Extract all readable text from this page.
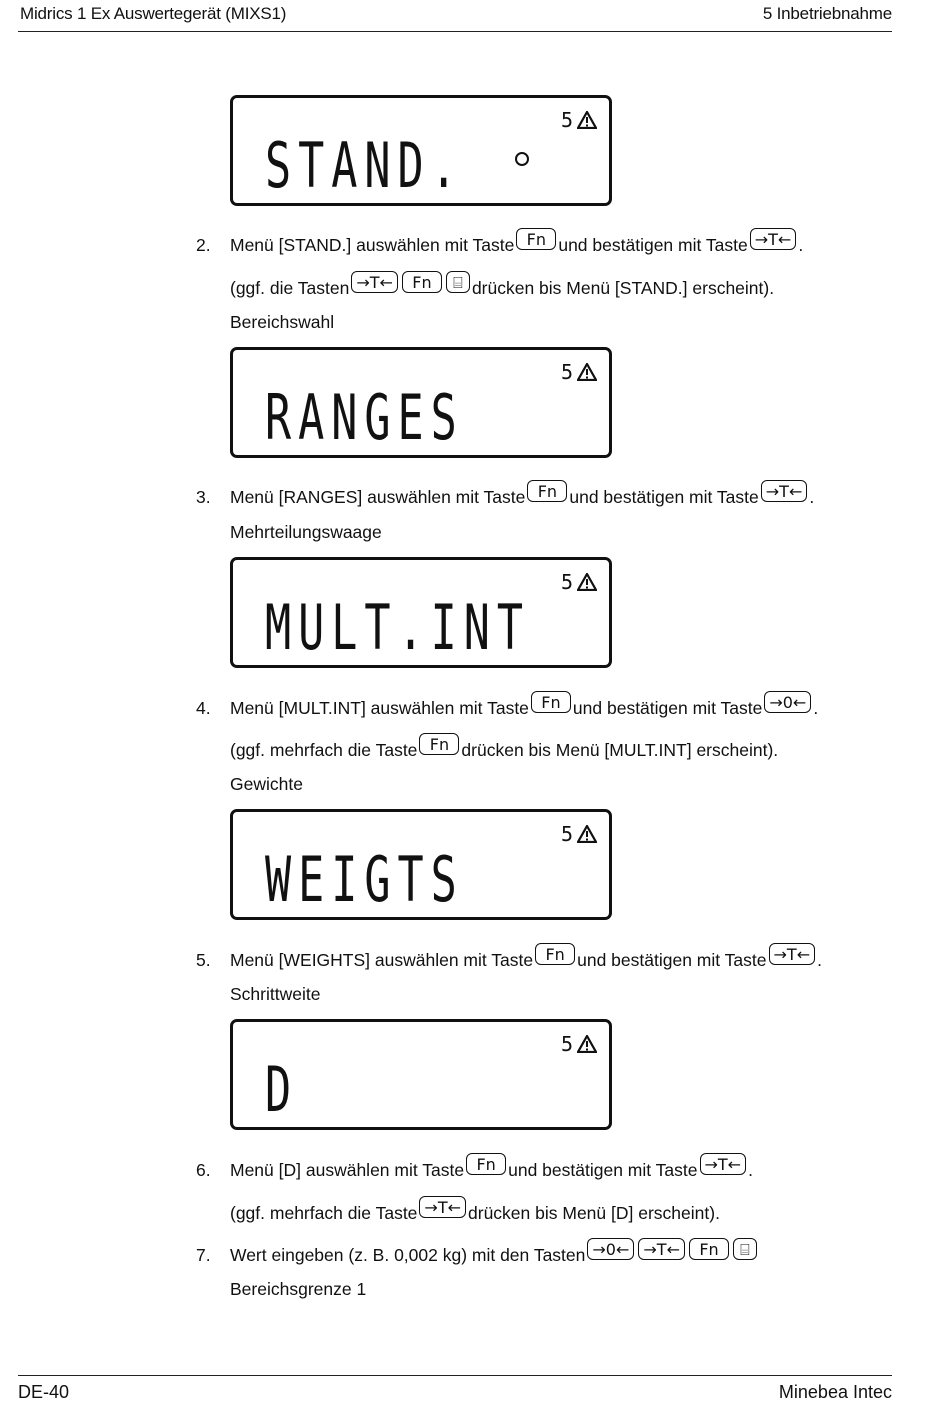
Midrics 1 Ex Auswertegerät (MIXS1)	5 Inbetriebnahme
STAND.
5
2.	Menü [STAND.] auswählen mit Taste Fn und bestätigen mit Taste →T← .
(ggf. die Tasten →T←	Fn	⌸ drücken bis Menü [STAND.] erscheint).
Bereichswahl
RANGES
5
3.	Menü [RANGES] auswählen mit Taste Fn und bestätigen mit Taste →T← .
Mehrteilungswaage
MULT.INT
5
4.	Menü [MULT.INT] auswählen mit Taste Fn und bestätigen mit Taste →0← .
(ggf. mehrfach die Taste Fn drücken bis Menü [MULT.INT] erscheint).
Gewichte
WEIGTS
5
5.	Menü [WEIGHTS] auswählen mit Taste Fn und bestätigen mit Taste →T← .
Schrittweite
D
5
6.	Menü [D] auswählen mit Taste Fn und bestätigen mit Taste →T← .
(ggf. mehrfach die Taste →T← drücken bis Menü [D] erscheint).
7.	Wert eingeben (z. B. 0,002 kg) mit den Tasten →0← →T←	Fn	⌸
Bereichsgrenze 1
DE-40	Minebea Intec
